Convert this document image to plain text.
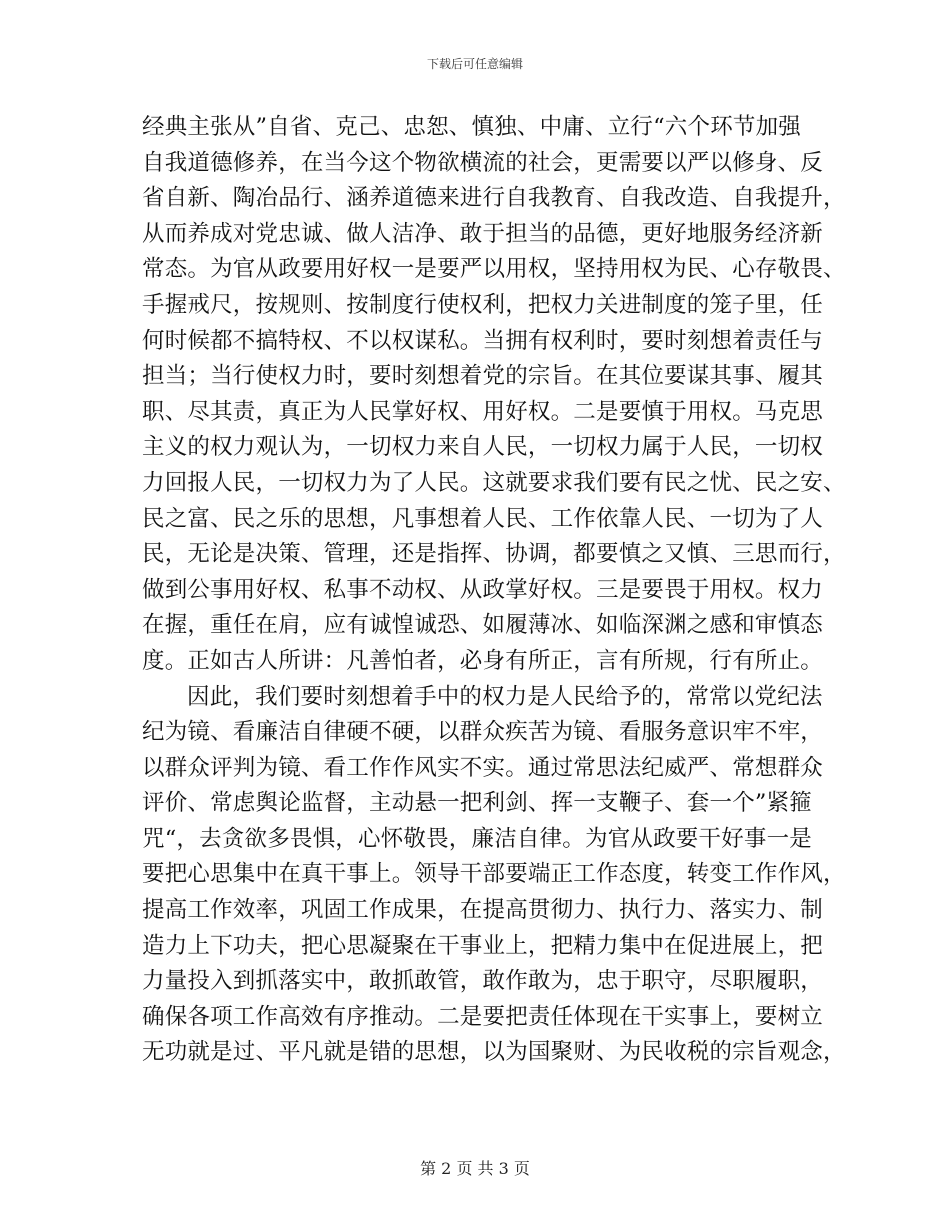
下载后可任意编辑
经典主张从”自省、克己、忠恕、慎独、中庸、立行“六个环节加强
自我道德修养，在当今这个物欲横流的社会，更需要以严以修身、反
省自新、陶冶品行、涵养道德来进行自我教育、自我改造、自我提升，
从而养成对党忠诚、做人洁净、敢于担当的品德，更好地服务经济新
常态。为官从政要用好权一是要严以用权，坚持用权为民、心存敬畏、
手握戒尺，按规则、按制度行使权利，把权力关进制度的笼子里，任
何时候都不搞特权、不以权谋私。当拥有权利时，要时刻想着责任与
担当；当行使权力时，要时刻想着党的宗旨。在其位要谋其事、履其
职、尽其责，真正为人民掌好权、用好权。二是要慎于用权。马克思
主义的权力观认为，一切权力来自人民，一切权力属于人民，一切权
力回报人民，一切权力为了人民。这就要求我们要有民之忧、民之安、
民之富、民之乐的思想，凡事想着人民、工作依靠人民、一切为了人
民，无论是决策、管理，还是指挥、协调，都要慎之又慎、三思而行，
做到公事用好权、私事不动权、从政掌好权。三是要畏于用权。权力
在握，重任在肩，应有诚惶诚恐、如履薄冰、如临深渊之感和审慎态
度。正如古人所讲：凡善怕者，必身有所正，言有所规，行有所止。
因此，我们要时刻想着手中的权力是人民给予的，常常以党纪法
纪为镜、看廉洁自律硬不硬，以群众疾苦为镜、看服务意识牢不牢，
以群众评判为镜、看工作作风实不实。通过常思法纪威严、常想群众
评价、常虑舆论监督，主动悬一把利剑、挥一支鞭子、套一个”紧箍
咒“，去贪欲多畏惧，心怀敬畏，廉洁自律。为官从政要干好事一是
要把心思集中在真干事上。领导干部要端正工作态度，转变工作作风，
提高工作效率，巩固工作成果，在提高贯彻力、执行力、落实力、制
造力上下功夫，把心思凝聚在干事业上，把精力集中在促进展上，把
力量投入到抓落实中，敢抓敢管，敢作敢为，忠于职守，尽职履职，
确保各项工作高效有序推动。二是要把责任体现在干实事上，要树立
无功就是过、平凡就是错的思想，以为国聚财、为民收税的宗旨观念，
第 2 页 共 3 页
